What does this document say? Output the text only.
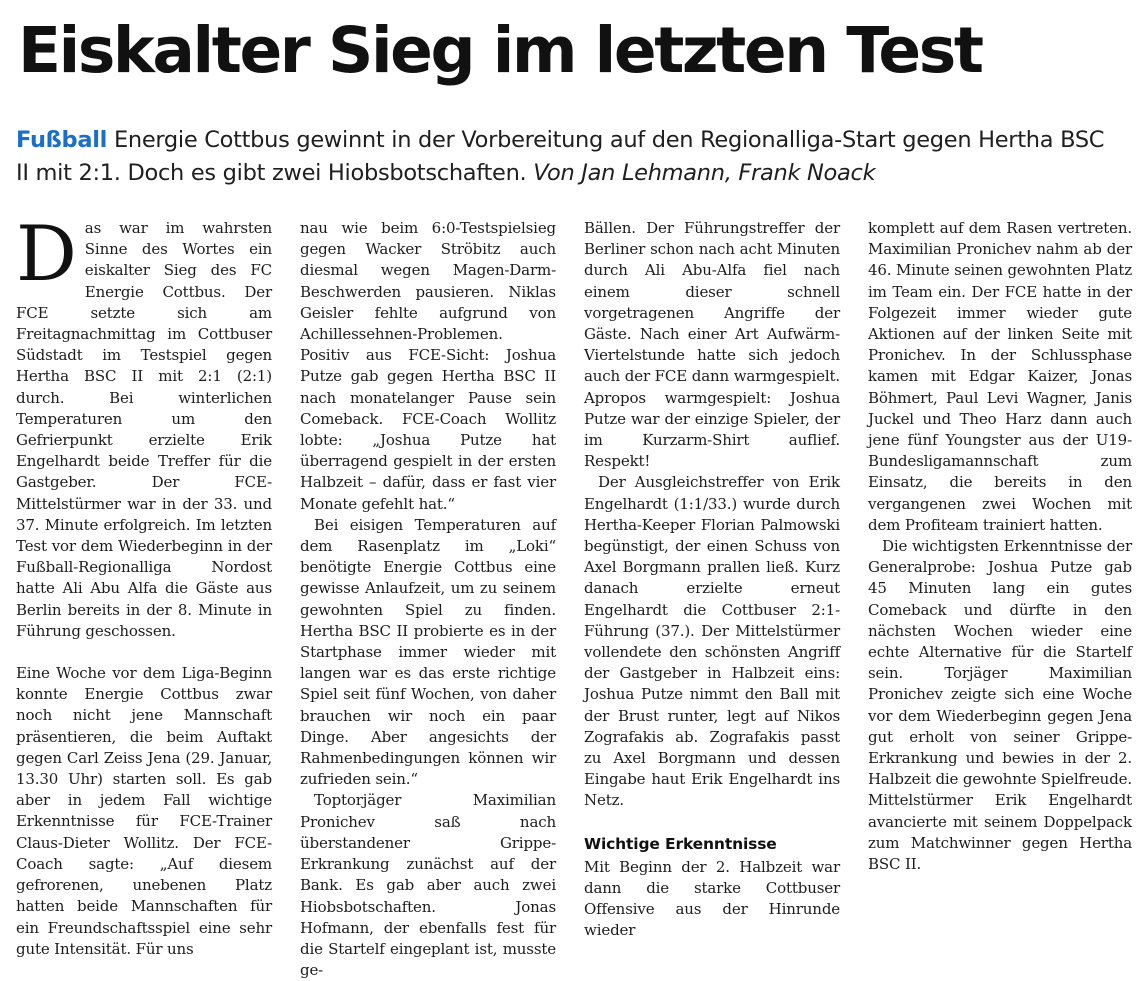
Eiskalter Sieg im letzten Test
Fußball Energie Cottbus gewinnt in der Vorbereitung auf den Regionalliga-Start gegen Hertha BSC II mit 2:1. Doch es gibt zwei Hiobsbotschaften. Von Jan Lehmann, Frank Noack

Das war im wahrsten Sinne des Wortes ein eiskalter Sieg des FC Energie Cottbus. Der FCE setzte sich am Freitagnachmittag im Cottbuser Südstadt im Testspiel gegen Hertha BSC II mit 2:1 (2:1) durch. Bei winterlichen Temperaturen um den Gefrierpunkt erzielte Erik Engelhardt beide Treffer für die Gastgeber. Der FCE-Mittelstürmer war in der 33. und 37. Minute erfolgreich. Im letzten Test vor dem Wiederbeginn in der Fußball-Regionalliga Nordost hatte Ali Abu Alfa die Gäste aus Berlin bereits in der 8. Minute in Führung geschossen.

Eine Woche vor dem Liga-Beginn konnte Energie Cottbus zwar noch nicht jene Mannschaft präsentieren, die beim Auftakt gegen Carl Zeiss Jena (29. Januar, 13.30 Uhr) starten soll. Es gab aber in jedem Fall wichtige Erkenntnisse für FCE-Trainer Claus-Dieter Wollitz. Der FCE-Coach sagte: „Auf diesem gefrorenen, unebenen Platz hatten beide Mannschaften für ein Freundschaftsspiel eine sehr gute Intensität. Für uns

nau wie beim 6:0-Testspielsieg gegen Wacker Ströbitz auch diesmal wegen Magen-Darm-Beschwerden pausieren. Niklas Geisler fehlte aufgrund von Achillessehnen-Problemen. Positiv aus FCE-Sicht: Joshua Putze gab gegen Hertha BSC II nach monatelanger Pause sein Comeback. FCE-Coach Wollitz lobte: „Joshua Putze hat überragend gespielt in der ersten Halbzeit – dafür, dass er fast vier Monate gefehlt hat.“

Bei eisigen Temperaturen auf dem Rasenplatz im „Loki“ benötigte Energie Cottbus eine gewisse Anlaufzeit, um zu seinem gewohnten Spiel zu finden. Hertha BSC II probierte es in der Startphase immer wieder mit langen war es das erste richtige Spiel seit fünf Wochen, von daher brauchen wir noch ein paar Dinge. Aber angesichts der Rahmenbedingungen können wir zufrieden sein.“

Toptorjäger Maximilian Pronichev saß nach überstandener Grippe-Erkrankung zunächst auf der Bank. Es gab aber auch zwei Hiobsbotschaften. Jonas Hofmann, der ebenfalls fest für die Startelf eingeplant ist, musste ge-

Bällen. Der Führungstreffer der Berliner schon nach acht Minuten durch Ali Abu-Alfa fiel nach einem dieser schnell vorgetragenen Angriffe der Gäste. Nach einer Art Aufwärm-Viertelstunde hatte sich jedoch auch der FCE dann warmgespielt. Apropos warmgespielt: Joshua Putze war der einzige Spieler, der im Kurzarm-Shirt auflief. Respekt!

Der Ausgleichstreffer von Erik Engelhardt (1:1/33.) wurde durch Hertha-Keeper Florian Palmowski begünstigt, der einen Schuss von Axel Borgmann prallen ließ. Kurz danach erzielte erneut Engelhardt die Cottbuser 2:1-Führung (37.). Der Mittelstürmer vollendete den schönsten Angriff der Gastgeber in Halbzeit eins: Joshua Putze nimmt den Ball mit der Brust runter, legt auf Nikos Zografakis ab. Zografakis passt zu Axel Borgmann und dessen Eingabe haut Erik Engelhardt ins Netz.

Wichtige Erkenntnisse

Mit Beginn der 2. Halbzeit war dann die starke Cottbuser Offensive aus der Hinrunde wieder

komplett auf dem Rasen vertreten. Maximilian Pronichev nahm ab der 46. Minute seinen gewohnten Platz im Team ein. Der FCE hatte in der Folgezeit immer wieder gute Aktionen auf der linken Seite mit Pronichev. In der Schlussphase kamen mit Edgar Kaizer, Jonas Böhmert, Paul Levi Wagner, Janis Juckel und Theo Harz dann auch jene fünf Youngster aus der U19-Bundesligamannschaft zum Einsatz, die bereits in den vergangenen zwei Wochen mit dem Profiteam trainiert hatten.

Die wichtigsten Erkenntnisse der Generalprobe: Joshua Putze gab 45 Minuten lang ein gutes Comeback und dürfte in den nächsten Wochen wieder eine echte Alternative für die Startelf sein. Torjäger Maximilian Pronichev zeigte sich eine Woche vor dem Wiederbeginn gegen Jena gut erholt von seiner Grippe-Erkrankung und bewies in der 2. Halbzeit die gewohnte Spielfreude. Mittelstürmer Erik Engelhardt avancierte mit seinem Doppelpack zum Matchwinner gegen Hertha BSC II.
